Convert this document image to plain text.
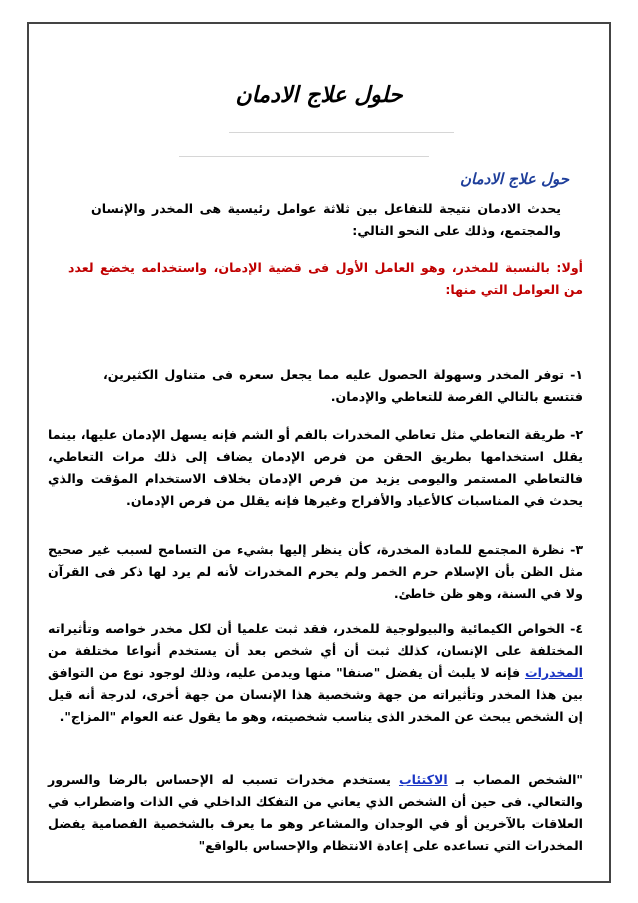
حلول علاج الادمان
حول علاج الادمان

يحدث الادمان نتيجة للتفاعل بين ثلاثة عوامل رئيسية هى المخدر والإنسان والمجتمع، وذلك على النحو التالي:

أولا: بالنسبة للمخدر، وهو العامل الأول فى قضية الإدمان، واستخدامه يخضع لعدد من العوامل التي منها:

١- توفر المخدر وسهولة الحصول عليه مما يجعل سعره فى متناول الكثيرين، فتتسع بالتالي الفرصة للتعاطي والإدمان.

٢- طريقة التعاطي مثل تعاطي المخدرات بالفم أو الشم فإنه يسهل الإدمان عليها، بينما يقلل استخدامها بطريق الحقن من فرص الإدمان يضاف إلى ذلك مرات التعاطي، فالتعاطي المستمر واليومى يزيد من فرص الإدمان بخلاف الاستخدام المؤقت والذي يحدث في المناسبات كالأعياد والأفراح وغيرها فإنه يقلل من فرص الإدمان.

٣- نظرة المجتمع للمادة المخدرة، كأن ينظر إليها بشيء من التسامح لسبب غير صحيح مثل الظن بأن الإسلام حرم الخمر ولم يحرم المخدرات لأنه لم يرد لها ذكر فى القرآن ولا في السنة، وهو ظن خاطئ.

٤- الخواص الكيمائية والبيولوجية للمخدر، فقد ثبت علميا أن لكل مخدر خواصه وتأثيراته المختلفة على الإنسان، كذلك ثبت أن أي شخص بعد أن يستخدم أنواعا مختلفة من المخدرات فإنه لا يلبث أن يفضل "صنفا" منها ويدمن عليه، وذلك لوجود نوع من التوافق بين هذا المخدر وتأثيراته من جهة وشخصية هذا الإنسان من جهة أخرى، لدرجة أنه قيل إن الشخص يبحث عن المخدر الذى يناسب شخصيته، وهو ما يقول عنه العوام "المزاج".

"الشخص المصاب بـ الاكتئاب يستخدم مخدرات تسبب له الإحساس بالرضا والسرور والتعالي. فى حين أن الشخص الذي يعاني من التفكك الداخلي في الذات واضطراب في العلاقات بالآخرين أو في الوجدان والمشاعر وهو ما يعرف بالشخصية الفصامية يفضل المخدرات التي تساعده على إعادة الانتظام والإحساس بالواقع"
